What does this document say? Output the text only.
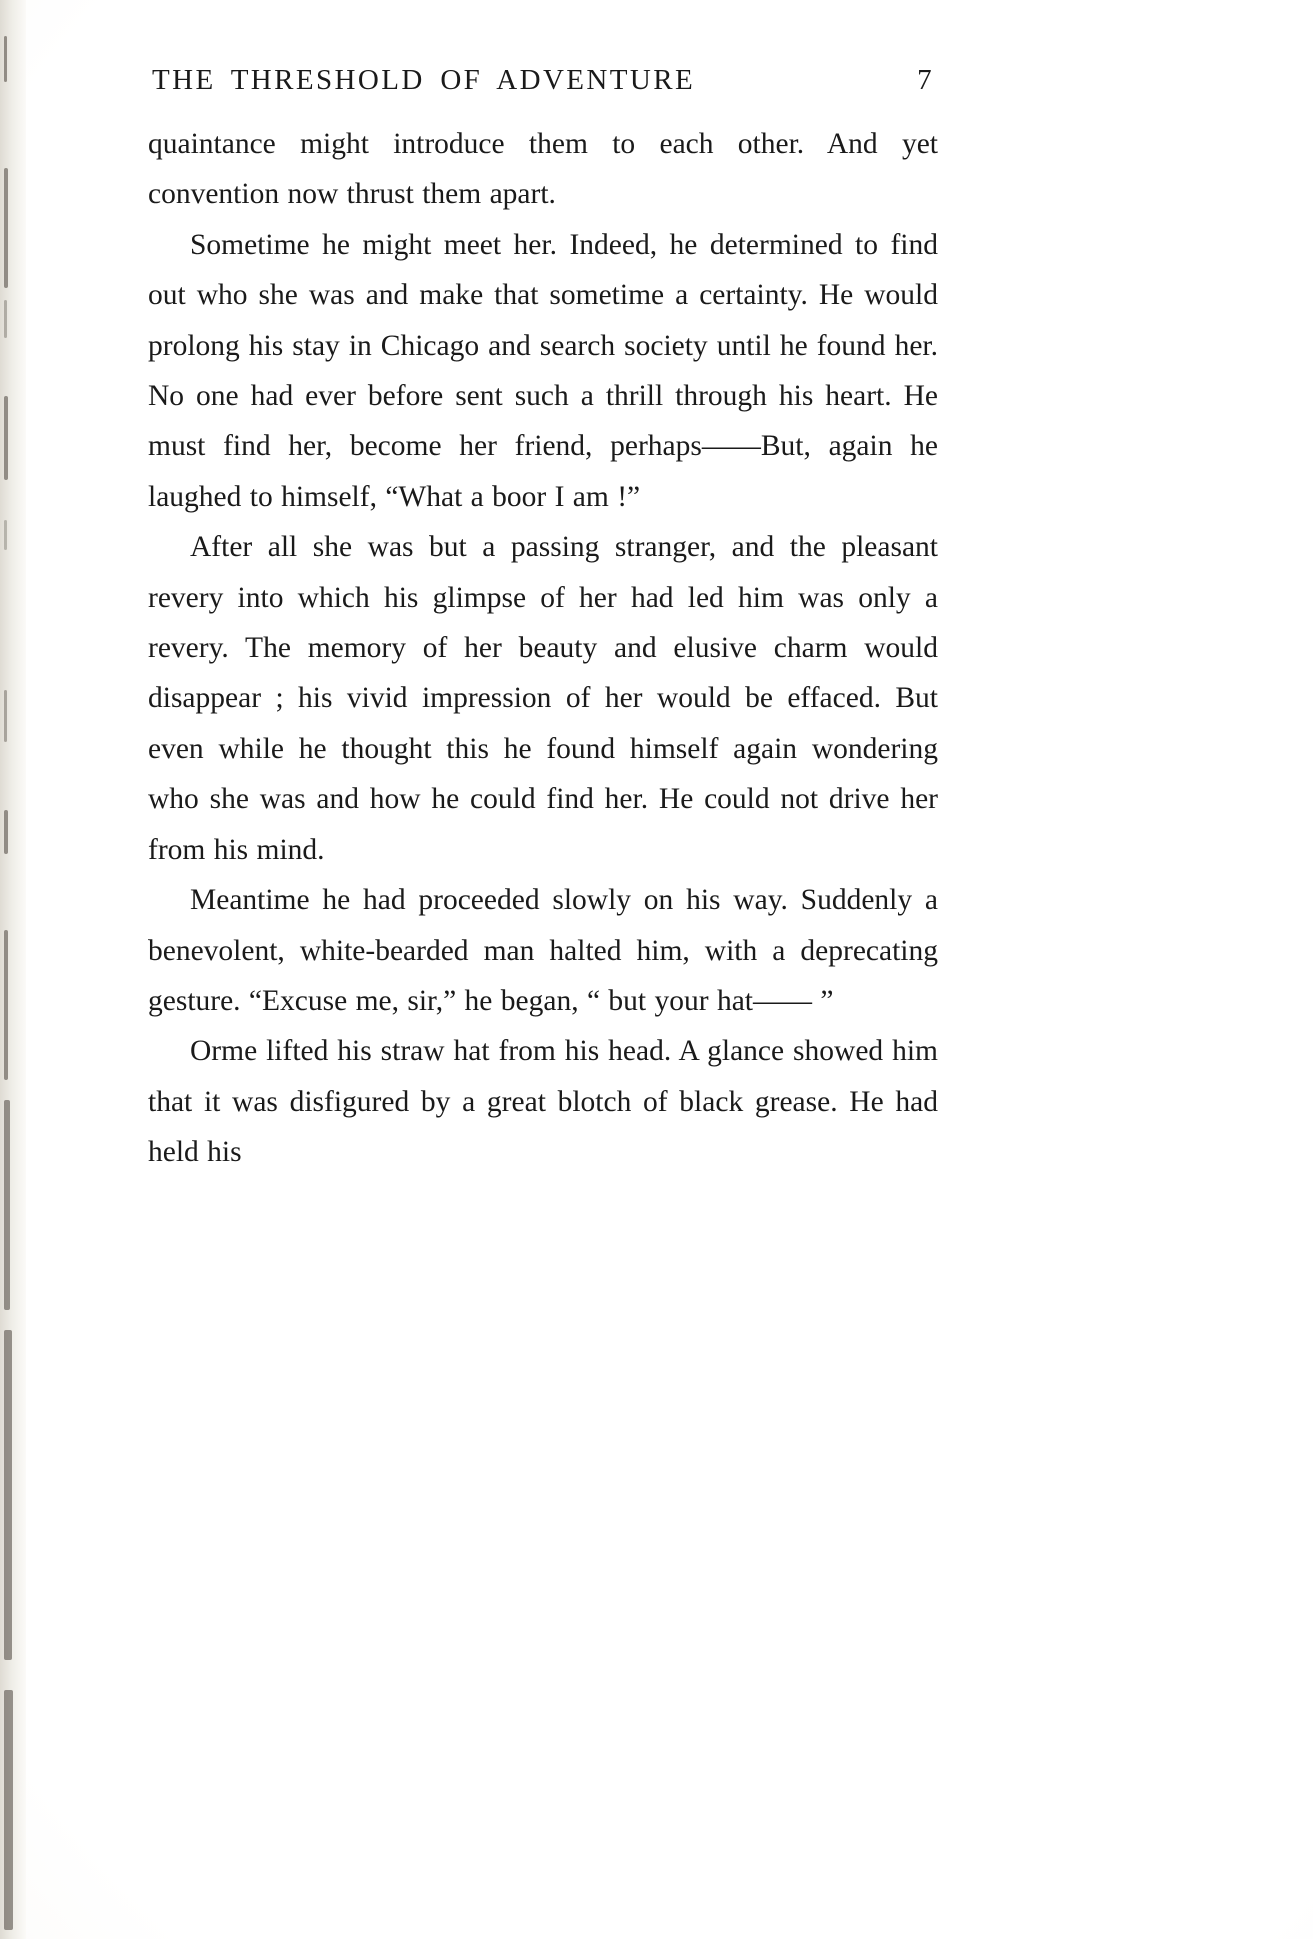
THE THRESHOLD OF ADVENTURE	7

quaintance might introduce them to each other. And yet convention now thrust them apart.

Sometime he might meet her. Indeed, he determined to find out who she was and make that sometime a certainty. He would prolong his stay in Chicago and search society until he found her. No one had ever before sent such a thrill through his heart. He must find her, become her friend, perhaps——But, again he laughed to himself, “What a boor I am !”

After all she was but a passing stranger, and the pleasant revery into which his glimpse of her had led him was only a revery. The memory of her beauty and elusive charm would disappear ; his vivid impression of her would be effaced. But even while he thought this he found himself again wondering who she was and how he could find her. He could not drive her from his mind.

Meantime he had proceeded slowly on his way. Suddenly a benevolent, white-bearded man halted him, with a deprecating gesture. “Excuse me, sir,” he began, “ but your hat—— ”

Orme lifted his straw hat from his head. A glance showed him that it was disfigured by a great blotch of black grease. He had held his
